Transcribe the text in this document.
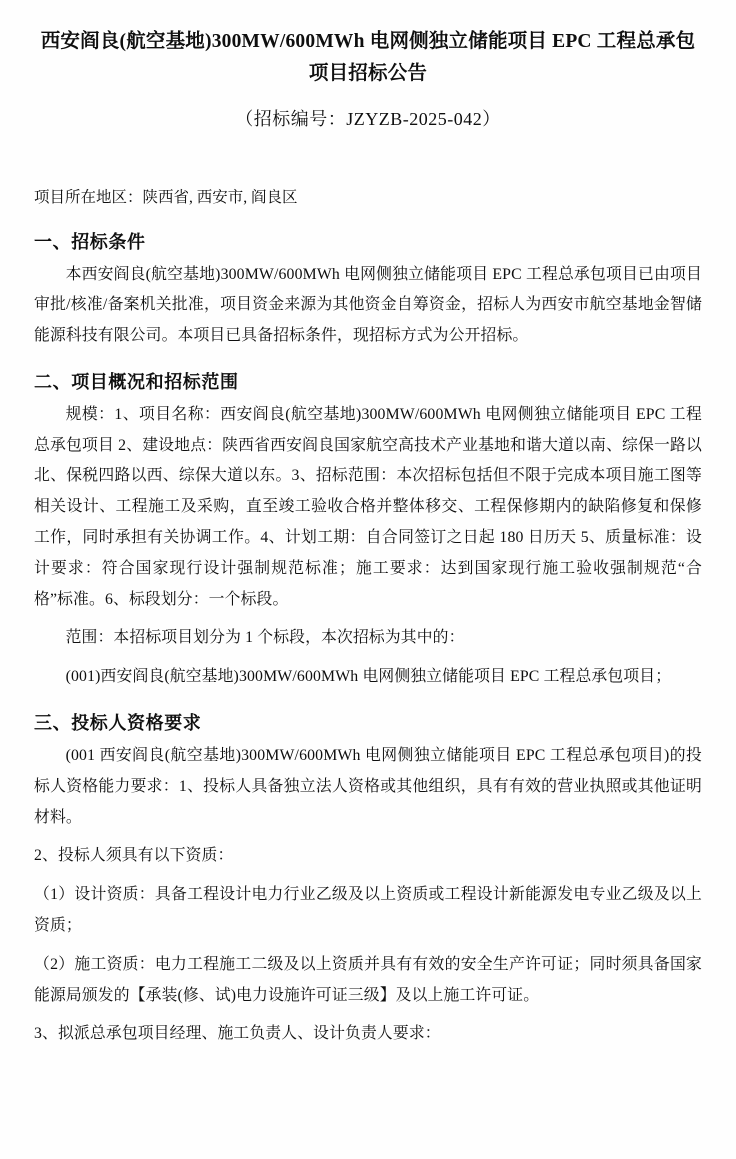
西安阎良(航空基地)300MW/600MWh 电网侧独立储能项目 EPC 工程总承包项目招标公告
（招标编号：JZYZB-2025-042）

项目所在地区：陕西省, 西安市, 阎良区

一、招标条件

本西安阎良(航空基地)300MW/600MWh 电网侧独立储能项目 EPC 工程总承包项目已由项目审批/核准/备案机关批准，项目资金来源为其他资金自筹资金，招标人为西安市航空基地金智储能源科技有限公司。本项目已具备招标条件，现招标方式为公开招标。

二、项目概况和招标范围

规模：1、项目名称：西安阎良(航空基地)300MW/600MWh 电网侧独立储能项目 EPC 工程总承包项目 2、建设地点：陕西省西安阎良国家航空高技术产业基地和谐大道以南、综保一路以北、保税四路以西、综保大道以东。3、招标范围：本次招标包括但不限于完成本项目施工图等相关设计、工程施工及采购，直至竣工验收合格并整体移交、工程保修期内的缺陷修复和保修工作，同时承担有关协调工作。4、计划工期：自合同签订之日起 180 日历天 5、质量标准：设计要求：符合国家现行设计强制规范标准；施工要求：达到国家现行施工验收强制规范“合格”标准。6、标段划分：一个标段。

范围：本招标项目划分为 1 个标段，本次招标为其中的：

(001)西安阎良(航空基地)300MW/600MWh 电网侧独立储能项目 EPC 工程总承包项目；

三、投标人资格要求

(001 西安阎良(航空基地)300MW/600MWh 电网侧独立储能项目 EPC 工程总承包项目)的投标人资格能力要求：1、投标人具备独立法人资格或其他组织，具有有效的营业执照或其他证明材料。

2、投标人须具有以下资质：

（1）设计资质：具备工程设计电力行业乙级及以上资质或工程设计新能源发电专业乙级及以上资质；

（2）施工资质：电力工程施工二级及以上资质并具有有效的安全生产许可证；同时须具备国家能源局颁发的【承装(修、试)电力设施许可证三级】及以上施工许可证。

3、拟派总承包项目经理、施工负责人、设计负责人要求：
